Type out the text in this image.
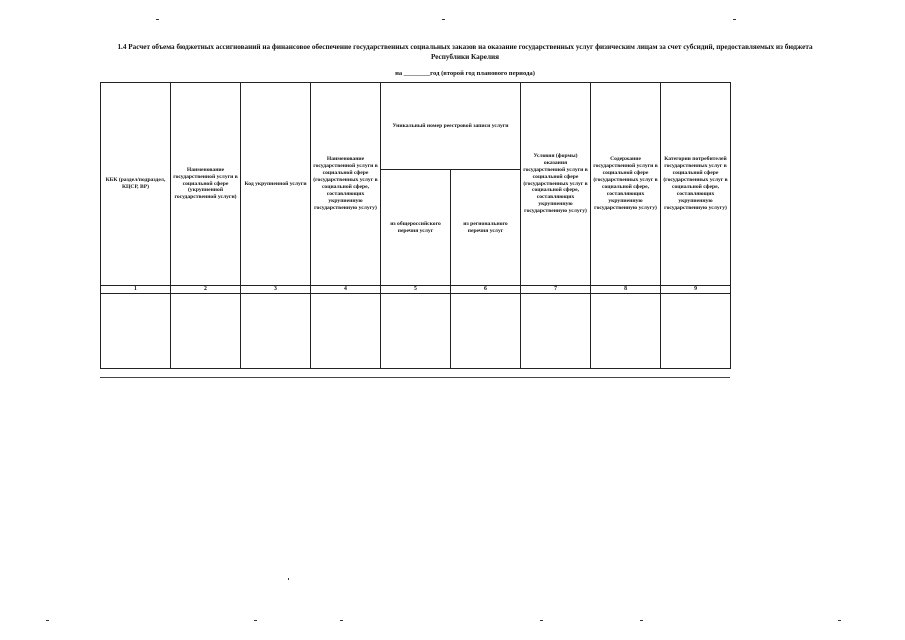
1.4 Расчет объема бюджетных ассигнований на финансовое обеспечение государственных социальных заказов на оказание государственных услуг физическим лицам за счет субсидий, предоставляемых из бюджета Республики Карелия
на ________год (второй год планового периода)
КБК (раздел/подраздел, КЦСР, ВР)	Наименование государственной услуги в социальной сфере (укрупненной государственной услуги)	Код укрупненной услуги	Наименование государственной услуги в социальной сфере (государственных услуг в социальной сфере, составляющих укрупненную государственную услугу)	Уникальный номер реестровой записи услуги		Условия (формы) оказания государственной услуги в социальной сфере (государственных услуг в социальной сфере, составляющих укрупненную государственную услугу)	Содержание государственной услуги в социальной сфере (государственных услуг в социальной сфере, составляющих укрупненную государственную услугу)	Категории потребителей государственных услуг в социальной сфере (государственных услуг в социальной сфере, составляющих укрупненную государственную услугу)
				из общероссийского перечня услуг	из регионального перечня услуг			
1	2	3	4	5	6	7	8	9
